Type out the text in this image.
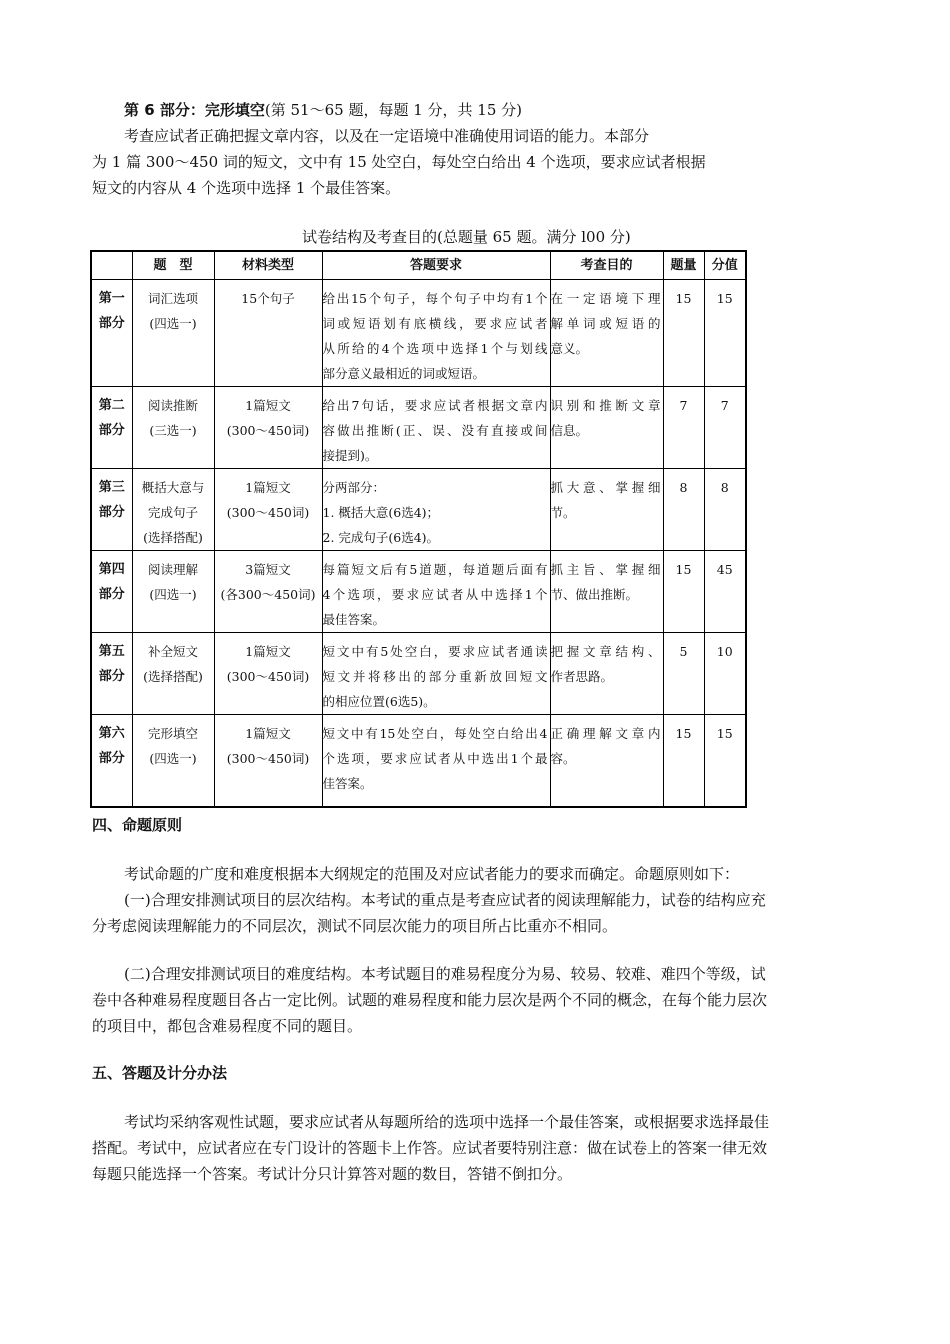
第 6 部分：完形填空(第 51～65 题，每题 1 分，共 15 分)
考查应试者正确把握文章内容，以及在一定语境中准确使用词语的能力。本部分
为 1 篇 300～450 词的短文，文中有 15 处空白，每处空白给出 4 个选项，要求应试者根据
短文的内容从 4 个选项中选择 1 个最佳答案。
试卷结构及考查目的(总题量 65 题。满分 l00 分)
	题　型	材料类型	答题要求	考查目的	题量	分值

第一
部分	词汇选项
(四选一)	15个句子	给出15个句子，每个句子中均有1个
词或短语划有底横线，要求应试者
从所给的4个选项中选择1个与划线
部分意义最相近的词或短语。	在一定语境下理
解单词或短语的
意义。	15	15

第二
部分	阅读推断
(三选一)	1篇短文
(300～450词)	给出7句话，要求应试者根据文章内
容做出推断(正、误、没有直接或间
接提到)。	识别和推断文章
信息。	7	7

第三
部分	概括大意与
完成句子
(选择搭配)	1篇短文
(300～450词)	分两部分：
1. 概括大意(6选4)；
2. 完成句子(6选4)。	抓大意、掌握细
节。	8	8

第四
部分	阅读理解
(四选一)	3篇短文
(各300～450词)	每篇短文后有5道题，每道题后面有
4个选项，要求应试者从中选择1个
最佳答案。	抓主旨、掌握细
节、做出推断。	15	45

第五
部分	补全短文
(选择搭配)	1篇短文
(300～450词)	短文中有5处空白，要求应试者通读
短文并将移出的部分重新放回短文
的相应位置(6选5)。	把握文章结构、
作者思路。	5	10

第六
部分	完形填空
(四选一)	1篇短文
(300～450词)	短文中有15处空白，每处空白给出4
个选项，要求应试者从中选出1个最
佳答案。	正确理解文章内
容。	15	15
四、命题原则
考试命题的广度和难度根据本大纲规定的范围及对应试者能力的要求而确定。命题原则如下：
(一)合理安排测试项目的层次结构。本考试的重点是考查应试者的阅读理解能力，试卷的结构应充
分考虑阅读理解能力的不同层次，测试不同层次能力的项目所占比重亦不相同。
(二)合理安排测试项目的难度结构。本考试题目的难易程度分为易、较易、较难、难四个等级，试
卷中各种难易程度题目各占一定比例。试题的难易程度和能力层次是两个不同的概念，在每个能力层次
的项目中，都包含难易程度不同的题目。
五、答题及计分办法
考试均采纳客观性试题，要求应试者从每题所给的选项中选择一个最佳答案，或根据要求选择最佳
搭配。考试中，应试者应在专门设计的答题卡上作答。应试者要特别注意：做在试卷上的答案一律无效
每题只能选择一个答案。考试计分只计算答对题的数目，答错不倒扣分。
